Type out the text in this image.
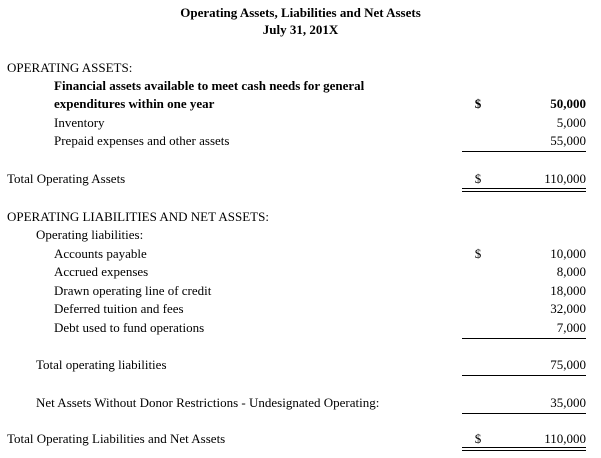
Operating Assets, Liabilities and Net Assets
July 31, 201X
OPERATING ASSETS:
Financial assets available to meet cash needs for general
expenditures within one year	$	50,000
Inventory	5,000
Prepaid expenses and other assets	55,000
Total Operating Assets	$	110,000
OPERATING LIABILITIES AND NET ASSETS:
Operating liabilities:
Accounts payable	$	10,000
Accrued expenses	8,000
Drawn operating line of credit	18,000
Deferred tuition and fees	32,000
Debt used to fund operations	7,000
Total operating liabilities	75,000
Net Assets Without Donor Restrictions - Undesignated Operating:	35,000
Total Operating Liabilities and Net Assets	$	110,000
